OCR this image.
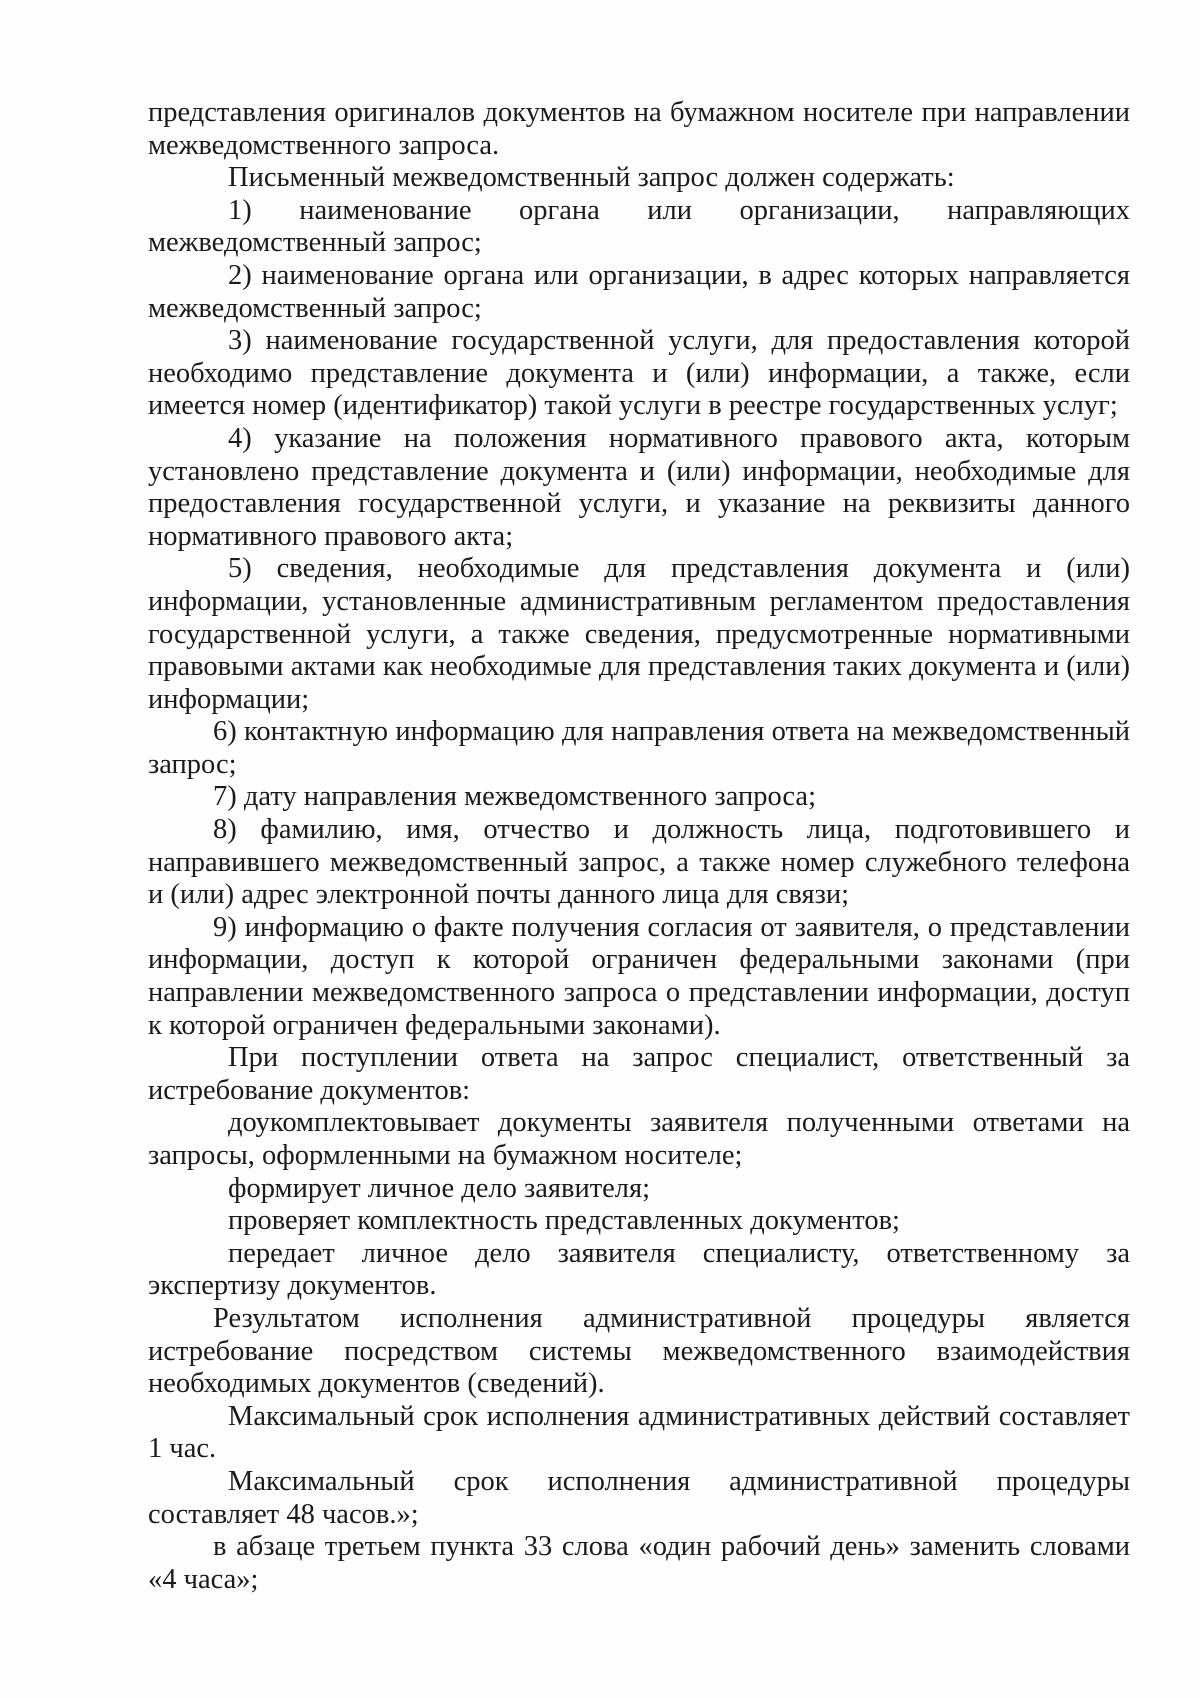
представления оригиналов документов на бумажном носителе при направлении межведомственного запроса.

Письменный межведомственный запрос должен содержать:

1) наименование органа или организации, направляющих межведомственный запрос;

2) наименование органа или организации, в адрес которых направляется межведомственный запрос;

3) наименование государственной услуги, для предоставления которой необходимо представление документа и (или) информации, а также, если имеется номер (идентификатор) такой услуги в реестре государственных услуг;

4) указание на положения нормативного правового акта, которым установлено представление документа и (или) информации, необходимые для предоставления государственной услуги, и указание на реквизиты данного нормативного правового акта;

5) сведения, необходимые для представления документа и (или) информации, установленные административным регламентом предоставления государственной услуги, а также сведения, предусмотренные нормативными правовыми актами как необходимые для представления таких документа и (или) информации;

6) контактную информацию для направления ответа на межведомственный запрос;

7) дату направления межведомственного запроса;

8) фамилию, имя, отчество и должность лица, подготовившего и направившего межведомственный запрос, а также номер служебного телефона и (или) адрес электронной почты данного лица для связи;

9) информацию о факте получения согласия от заявителя, о представлении информации, доступ к которой ограничен федеральными законами (при направлении межведомственного запроса о представлении информации, доступ к которой ограничен федеральными законами).

При поступлении ответа на запрос специалист, ответственный за истребование документов:

доукомплектовывает документы заявителя полученными ответами на запросы, оформленными на бумажном носителе;

формирует личное дело заявителя;

проверяет комплектность представленных документов;

передает личное дело заявителя специалисту, ответственному за экспертизу документов.

Результатом исполнения административной процедуры является истребование посредством системы межведомственного взаимодействия необходимых документов (сведений).

Максимальный срок исполнения административных действий составляет 1 час.

Максимальный срок исполнения административной процедуры составляет 48 часов.»;

в абзаце третьем пункта 33 слова «один рабочий день» заменить словами «4 часа»;
